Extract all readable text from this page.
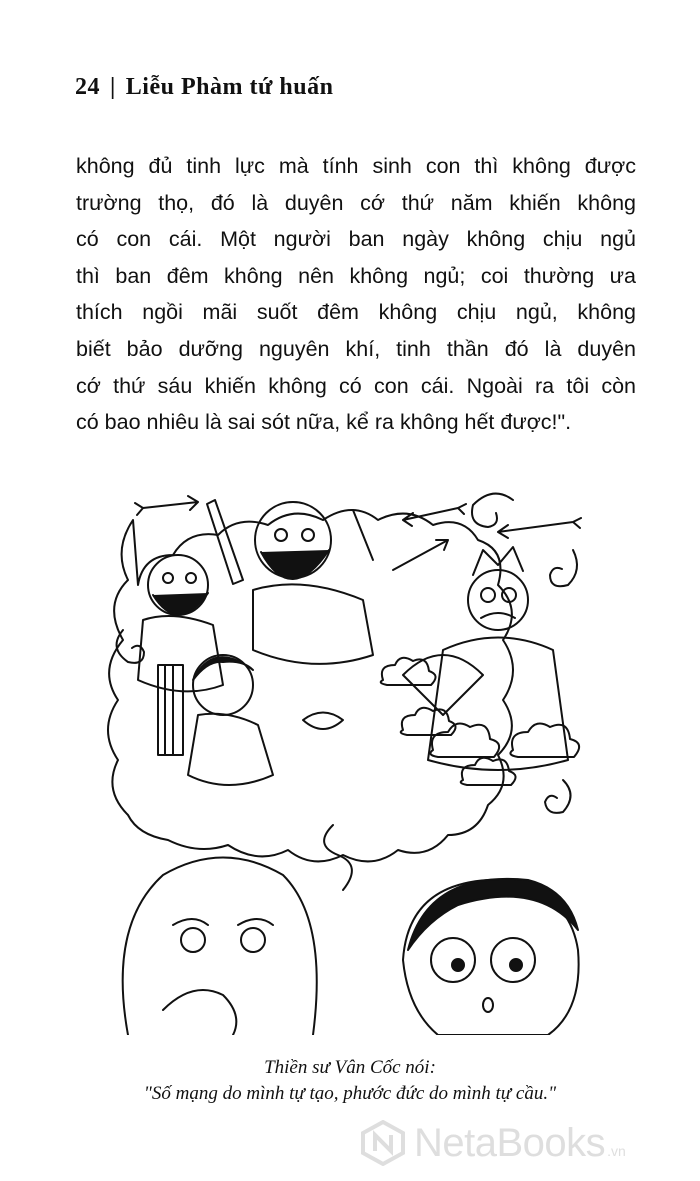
24 | Liễu Phàm tứ huấn
không đủ tinh lực mà tính sinh con thì không được
trường thọ, đó là duyên cớ thứ năm khiến không
có con cái. Một người ban ngày không chịu ngủ
thì ban đêm không nên không ngủ; coi thường ưa
thích ngồi mãi suốt đêm không chịu ngủ, không
biết bảo dưỡng nguyên khí, tinh thần đó là duyên
cớ thứ sáu khiến không có con cái. Ngoài ra tôi còn
có bao nhiêu là sai sót nữa, kể ra không hết được!".
Thiền sư Vân Cốc nói:
"Số mạng do mình tự tạo, phước đức do mình tự cầu."
NetaBooks .vn
